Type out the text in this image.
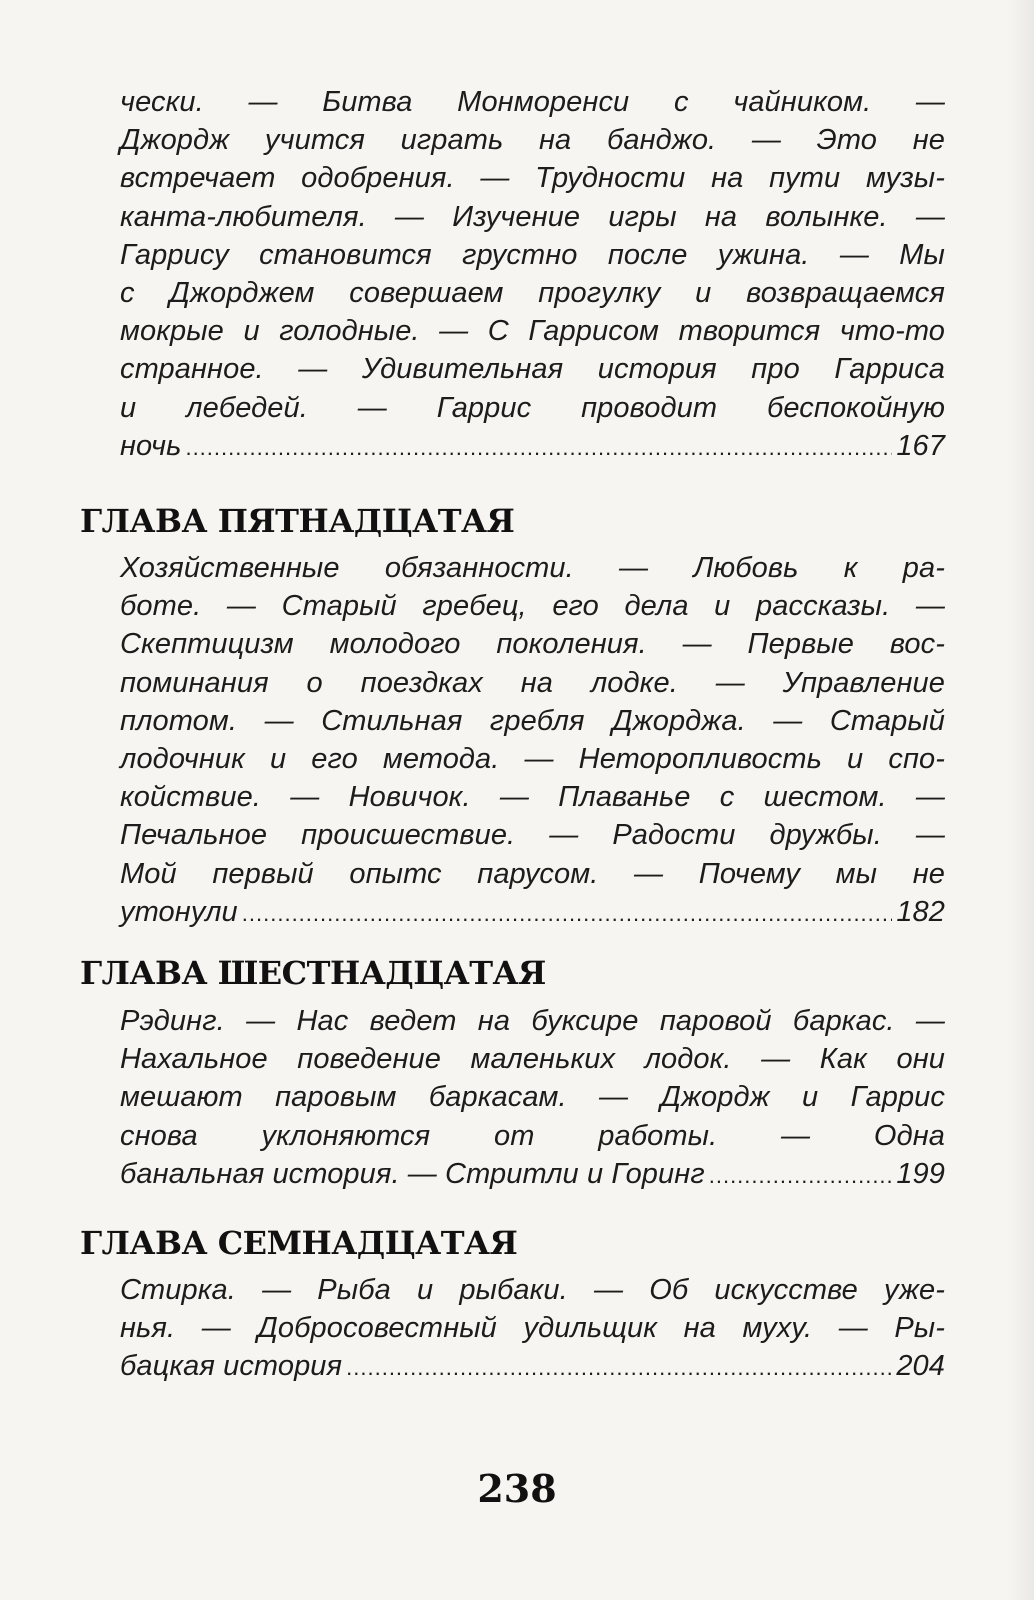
чески. — Битва Монморенси с чайником. —
Джордж учится играть на банджо. — Это не
встречает одобрения. — Трудности на пути музы-
канта-любителя. — Изучение игры на волынке. —
Гаррису становится грустно после ужина. — Мы
с Джорджем совершаем прогулку и возвращаемся
мокрые и голодные. — С Гаррисом творится что-то
странное. — Удивительная история про Гарриса
и лебедей. — Гаррис проводит беспокойную
ночь .....	167
ГЛАВА ПЯТНАДЦАТАЯ
Хозяйственные обязанности. — Любовь к ра-
боте. — Старый гребец, его дела и рассказы. —
Скептицизм молодого поколения. — Первые вос-
поминания о поездках на лодке. — Управление
плотом. — Стильная гребля Джорджа. — Старый
лодочник и его метода. — Неторопливость и спо-
койствие. — Новичок. — Плаванье с шестом. —
Печальное происшествие. — Радости дружбы. —
Мой первый опытс парусом. — Почему мы не
утонули .....	182
ГЛАВА ШЕСТНАДЦАТАЯ
Рэдинг. — Нас ведет на буксире паровой баркас. —
Нахальное поведение маленьких лодок. — Как они
мешают паровым баркасам. — Джордж и Гаррис
снова уклоняются от работы. — Одна
банальная история. — Стритли и Горинг .....	199
ГЛАВА СЕМНАДЦАТАЯ
Стирка. — Рыба и рыбаки. — Об искусстве уже-
нья. — Добросовестный удильщик на муху. — Ры-
бацкая история .....	204
238
